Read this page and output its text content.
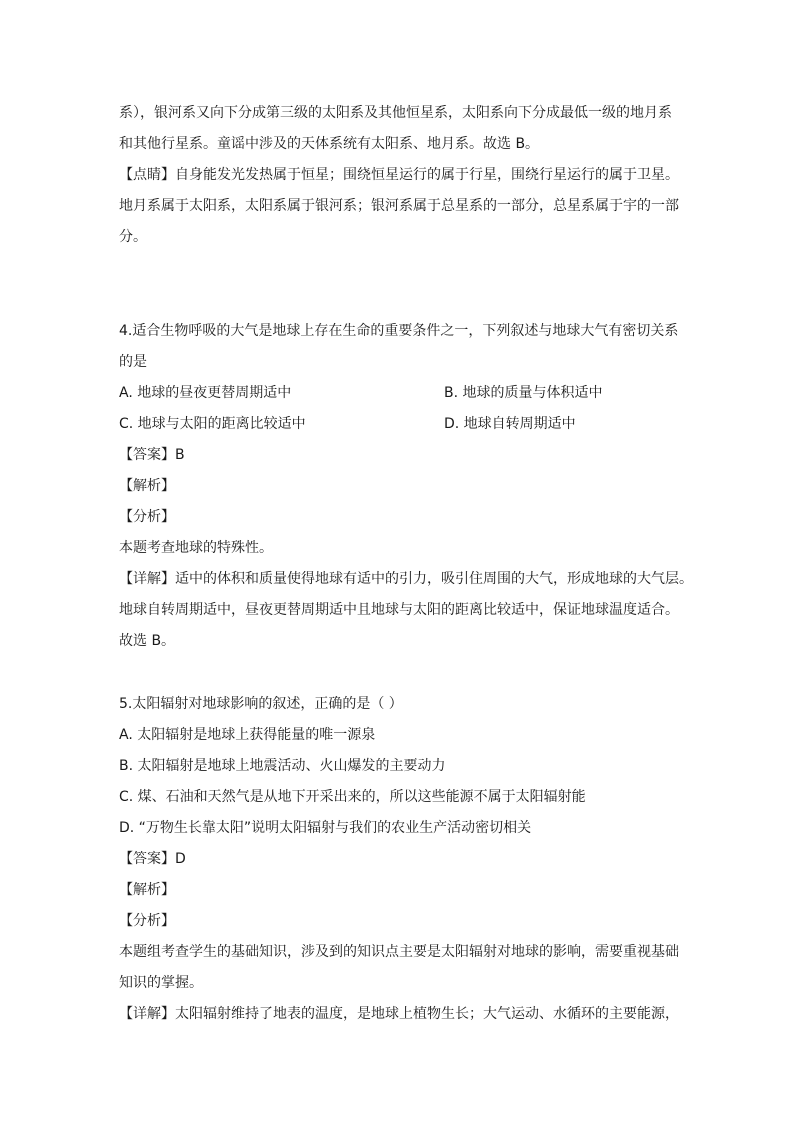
系），银河系又向下分成第三级的太阳系及其他恒星系，太阳系向下分成最低一级的地月系
和其他行星系。童谣中涉及的天体系统有太阳系、地月系。故选 B。
【点睛】自身能发光发热属于恒星；围绕恒星运行的属于行星，围绕行星运行的属于卫星。
地月系属于太阳系，太阳系属于银河系；银河系属于总星系的一部分，总星系属于宇的一部
分。
4.适合生物呼吸的大气是地球上存在生命的重要条件之一，下列叙述与地球大气有密切关系
的是
A. 地球的昼夜更替周期适中	B. 地球的质量与体积适中
C. 地球与太阳的距离比较适中	D. 地球自转周期适中
【答案】B
【解析】
【分析】
本题考查地球的特殊性。
【详解】适中的体积和质量使得地球有适中的引力，吸引住周围的大气，形成地球的大气层。
地球自转周期适中，昼夜更替周期适中且地球与太阳的距离比较适中，保证地球温度适合。
故选 B。
5.太阳辐射对地球影响的叙述，正确的是（ ）
A. 太阳辐射是地球上获得能量的唯一源泉
B. 太阳辐射是地球上地震活动、火山爆发的主要动力
C. 煤、石油和天然气是从地下开采出来的，所以这些能源不属于太阳辐射能
D. “万物生长靠太阳”说明太阳辐射与我们的农业生产活动密切相关
【答案】D
【解析】
【分析】
本题组考查学生的基础知识，涉及到的知识点主要是太阳辐射对地球的影响，需要重视基础
知识的掌握。
【详解】太阳辐射维持了地表的温度，是地球上植物生长；大气运动、水循环的主要能源，
